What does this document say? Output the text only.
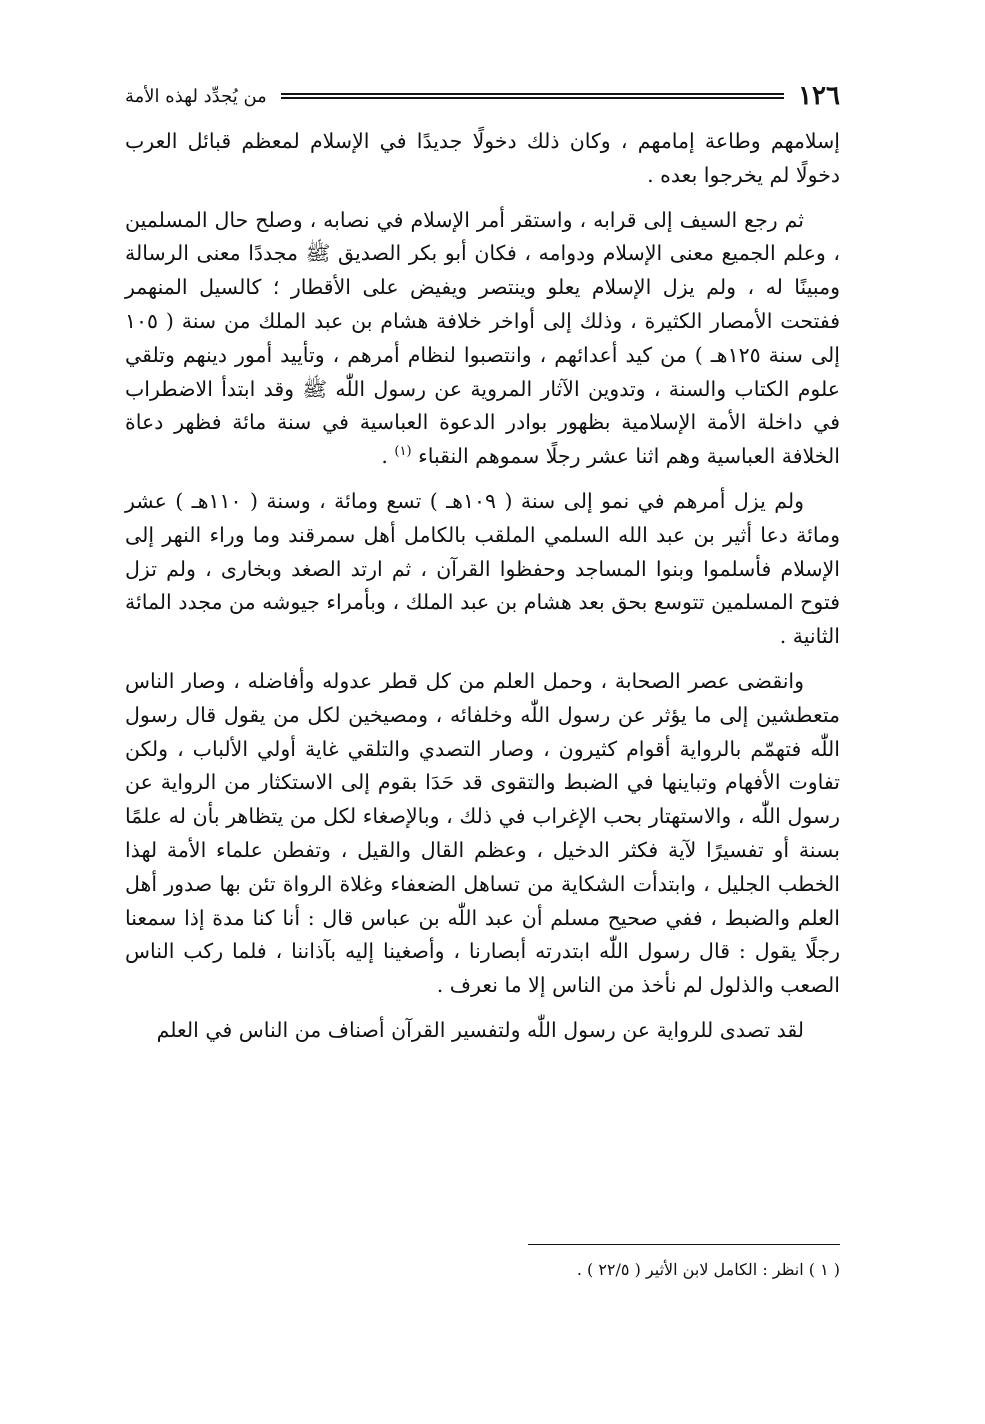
١٢٦
من يُجدِّد لهذه الأمة

إسلامهم وطاعة إمامهم ، وكان ذلك دخولًا جديدًا في الإسلام لمعظم قبائل العرب دخولًا لم يخرجوا بعده .

ثم رجع السيف إلى قرابه ، واستقر أمر الإسلام في نصابه ، وصلح حال المسلمين ، وعلم الجميع معنى الإسلام ودوامه ، فكان أبو بكر الصديق ﷺ مجددًا معنى الرسالة ومبينًا له ، ولم يزل الإسلام يعلو وينتصر ويفيض على الأقطار ؛ كالسيل المنهمر ففتحت الأمصار الكثيرة ، وذلك إلى أواخر خلافة هشام بن عبد الملك من سنة ( ١٠٥ إلى سنة ١٢٥هـ ) من كيد أعدائهم ، وانتصبوا لنظام أمرهم ، وتأييد أمور دينهم وتلقي علوم الكتاب والسنة ، وتدوين الآثار المروية عن رسول اللّٰه ﷺ وقد ابتدأ الاضطراب في داخلة الأمة الإسلامية بظهور بوادر الدعوة العباسية في سنة مائة فظهر دعاة الخلافة العباسية وهم اثنا عشر رجلًا سموهم النقباء $^{(١)}$ .

ولم يزل أمرهم في نمو إلى سنة ( ١٠٩هـ ) تسع ومائة ، وسنة ( ١١٠هـ ) عشر ومائة دعا أثير بن عبد الله السلمي الملقب بالكامل أهل سمرقند وما وراء النهر إلى الإسلام فأسلموا وبنوا المساجد وحفظوا القرآن ، ثم ارتد الصغد وبخارى ، ولم تزل فتوح المسلمين تتوسع بحق بعد هشام بن عبد الملك ، وبأمراء جيوشه من مجدد المائة الثانية .

وانقضى عصر الصحابة ، وحمل العلم من كل قطر عدوله وأفاضله ، وصار الناس متعطشين إلى ما يؤثر عن رسول اللّٰه وخلفائه ، ومصيخين لكل من يقول قال رسول اللّٰه فتهمّم بالرواية أقوام كثيرون ، وصار التصدي والتلقي غاية أولي الألباب ، ولكن تفاوت الأفهام وتباينها في الضبط والتقوى قد حَدَا بقوم إلى الاستكثار من الرواية عن رسول اللّٰه ، والاستهتار بحب الإغراب في ذلك ، وبالإصغاء لكل من يتظاهر بأن له علمًا بسنة أو تفسيرًا لآية فكثر الدخيل ، وعظم القال والقيل ، وتفطن علماء الأمة لهذا الخطب الجليل ، وابتدأت الشكاية من تساهل الضعفاء وغلاة الرواة تئن بها صدور أهل العلم والضبط ، ففي صحيح مسلم أن عبد اللّٰه بن عباس قال : أنا كنا مدة إذا سمعنا رجلًا يقول : قال رسول اللّٰه ابتدرته أبصارنا ، وأصغينا إليه بآذاننا ، فلما ركب الناس الصعب والذلول لم نأخذ من الناس إلا ما نعرف .

لقد تصدى للرواية عن رسول اللّٰه ولتفسير القرآن أصناف من الناس في العلم

( ١ ) انظر : الكامل لابن الأثير ( ٢٢/٥ ) .
